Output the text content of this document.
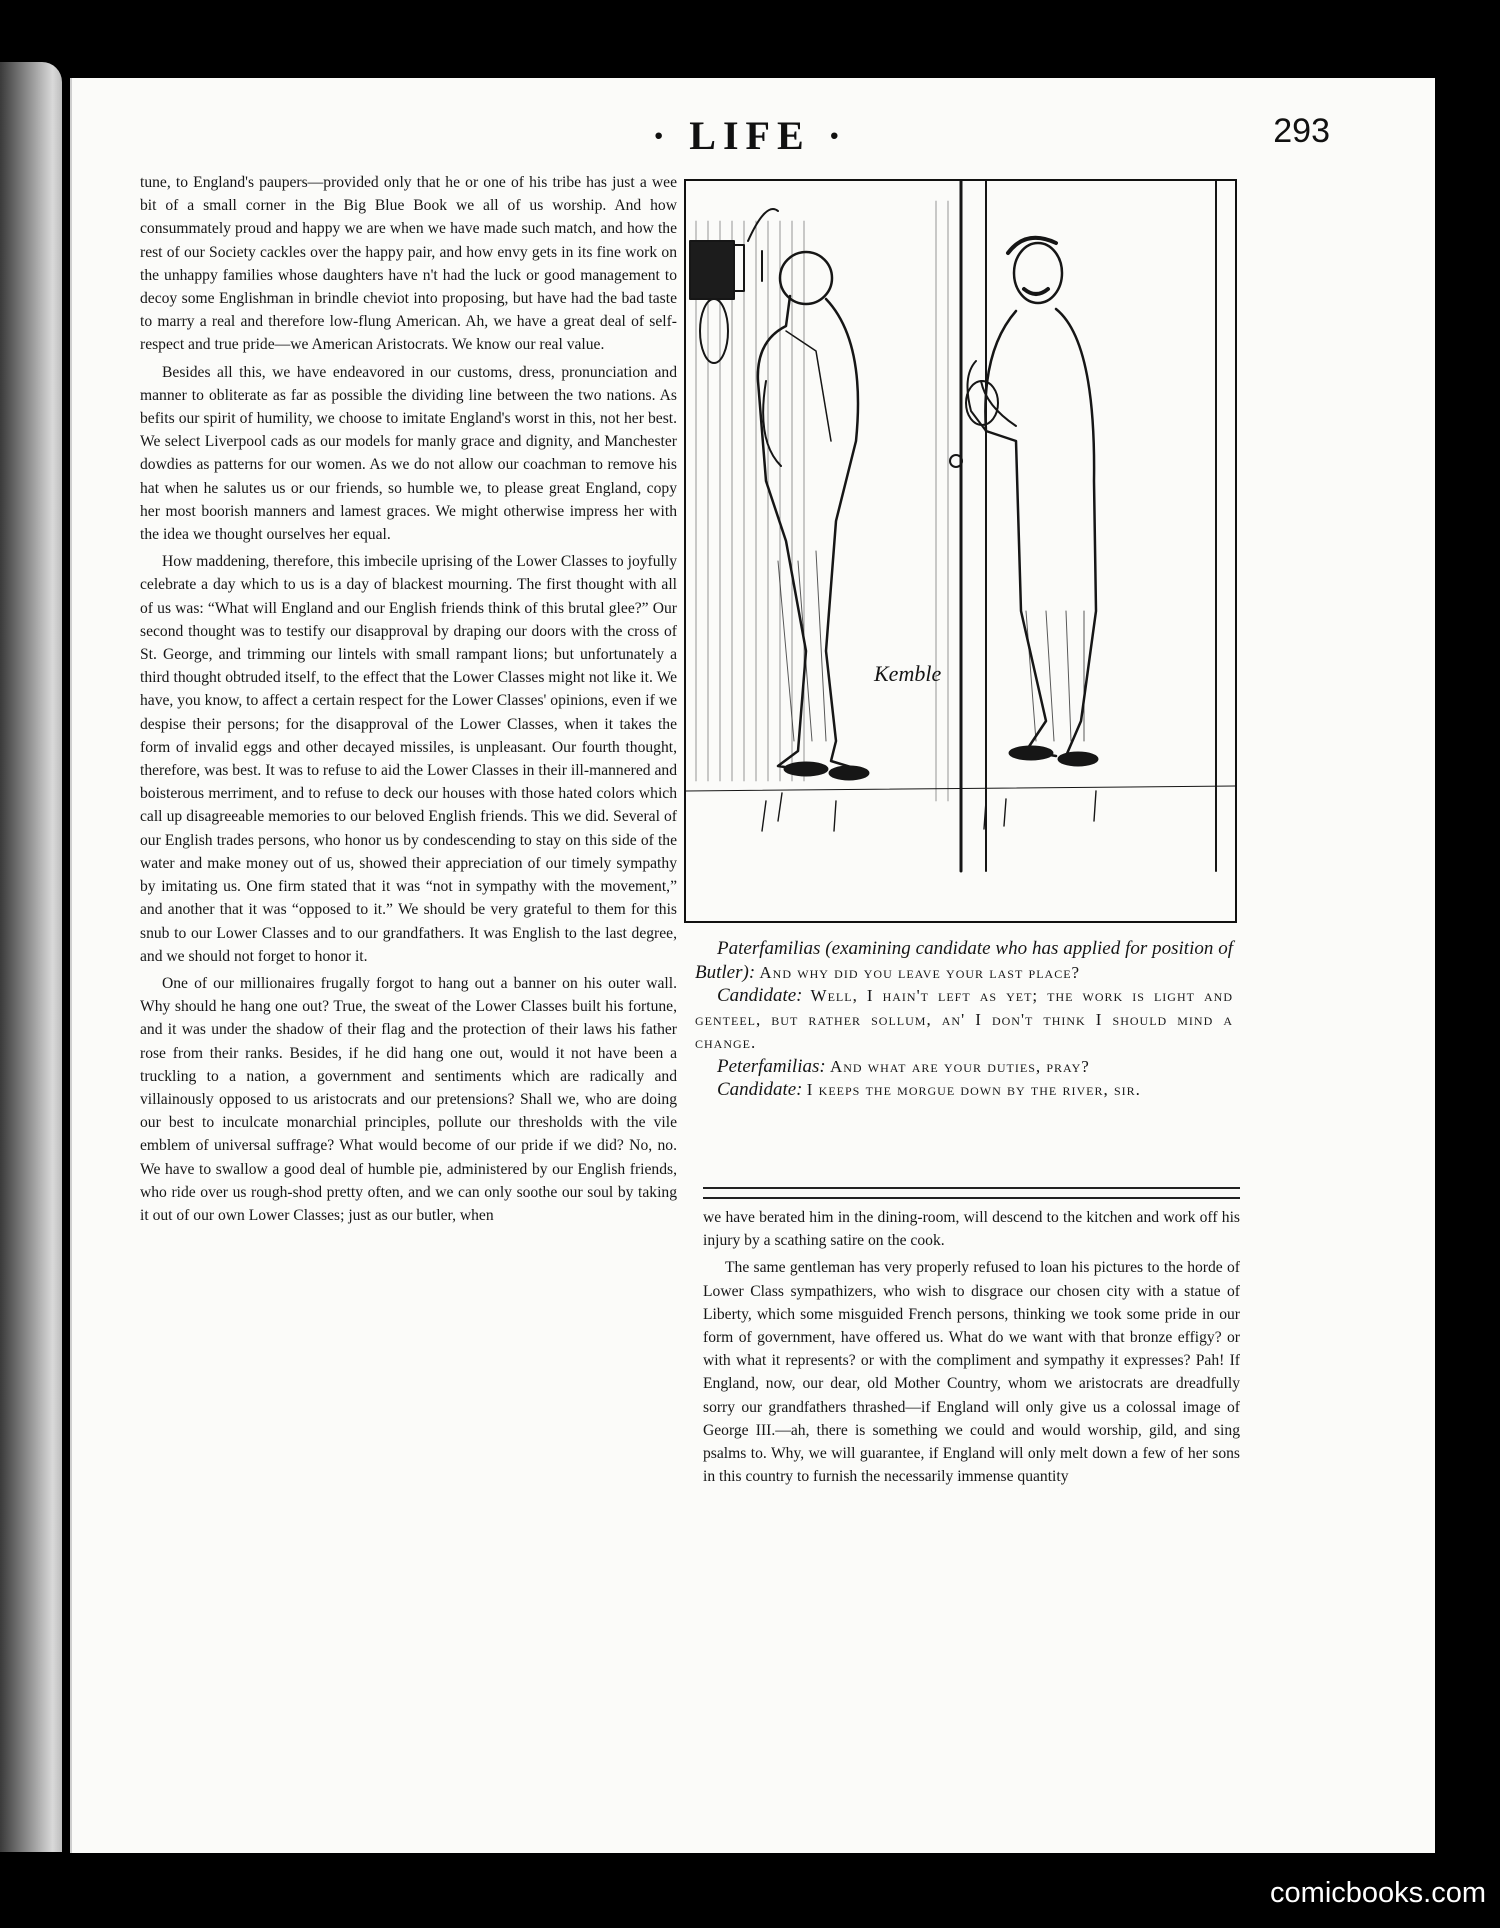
· LIFE ·	293

tune, to England's paupers—provided only that he or one of his tribe has just a wee bit of a small corner in the Big Blue Book we all of us worship. And how consummately proud and happy we are when we have made such match, and how the rest of our Society cackles over the happy pair, and how envy gets in its fine work on the unhappy families whose daughters have n't had the luck or good management to decoy some Englishman in brindle cheviot into proposing, but have had the bad taste to marry a real and therefore low-flung American. Ah, we have a great deal of self-respect and true pride—we American Aristocrats. We know our real value.

Besides all this, we have endeavored in our customs, dress, pronunciation and manner to obliterate as far as possible the dividing line between the two nations. As befits our spirit of humility, we choose to imitate England's worst in this, not her best. We select Liverpool cads as our models for manly grace and dignity, and Manchester dowdies as patterns for our women. As we do not allow our coachman to remove his hat when he salutes us or our friends, so humble we, to please great England, copy her most boorish manners and lamest graces. We might otherwise impress her with the idea we thought ourselves her equal.

How maddening, therefore, this imbecile uprising of the Lower Classes to joyfully celebrate a day which to us is a day of blackest mourning. The first thought with all of us was: “What will England and our English friends think of this brutal glee?” Our second thought was to testify our disapproval by draping our doors with the cross of St. George, and trimming our lintels with small rampant lions; but unfortunately a third thought obtruded itself, to the effect that the Lower Classes might not like it. We have, you know, to affect a certain respect for the Lower Classes' opinions, even if we despise their persons; for the disapproval of the Lower Classes, when it takes the form of invalid eggs and other decayed missiles, is unpleasant. Our fourth thought, therefore, was best. It was to refuse to aid the Lower Classes in their ill-mannered and boisterous merriment, and to refuse to deck our houses with those hated colors which call up disagreeable memories to our beloved English friends. This we did. Several of our English trades persons, who honor us by condescending to stay on this side of the water and make money out of us, showed their appreciation of our timely sympathy by imitating us. One firm stated that it was “not in sympathy with the movement,” and another that it was “opposed to it.” We should be very grateful to them for this snub to our Lower Classes and to our grandfathers. It was English to the last degree, and we should not forget to honor it.

One of our millionaires frugally forgot to hang out a banner on his outer wall. Why should he hang one out? True, the sweat of the Lower Classes built his fortune, and it was under the shadow of their flag and the protection of their laws his father rose from their ranks. Besides, if he did hang one out, would it not have been a truckling to a nation, a government and sentiments which are radically and villainously opposed to us aristocrats and our pretensions? Shall we, who are doing our best to inculcate monarchial principles, pollute our thresholds with the vile emblem of universal suffrage? What would become of our pride if we did? No, no. We have to swallow a good deal of humble pie, administered by our English friends, who ride over us rough-shod pretty often, and we can only soothe our soul by taking it out of our own Lower Classes; just as our butler, when

Kemble

Paterfamilias (examining candidate who has applied for position of Butler): And why did you leave your last place?

Candidate: Well, I hain't left as yet; the work is light and genteel, but rather sollum, an' I don't think I should mind a change.

Peterfamilias: And what are your duties, pray?

Candidate: I keeps the morgue down by the river, sir.

we have berated him in the dining-room, will descend to the kitchen and work off his injury by a scathing satire on the cook.

The same gentleman has very properly refused to loan his pictures to the horde of Lower Class sympathizers, who wish to disgrace our chosen city with a statue of Liberty, which some misguided French persons, thinking we took some pride in our form of government, have offered us. What do we want with that bronze effigy? or with what it represents? or with the compliment and sympathy it expresses? Pah! If England, now, our dear, old Mother Country, whom we aristocrats are dreadfully sorry our grandfathers thrashed—if England will only give us a colossal image of George III.—ah, there is something we could and would worship, gild, and sing psalms to. Why, we will guarantee, if England will only melt down a few of her sons in this country to furnish the necessarily immense quantity

comicbooks.com
